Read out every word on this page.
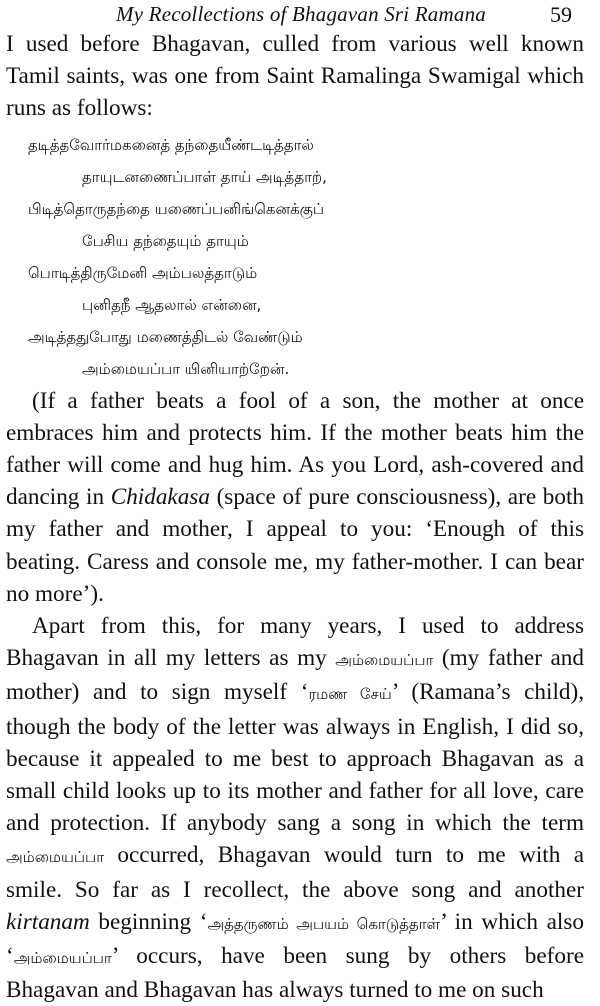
My Recollections of Bhagavan Sri Ramana	59

I used before Bhagavan, culled from various well known Tamil saints, was one from Saint Ramalinga Swamigal which runs as follows:

தடித்தவோர்மகனைத் தந்தையீண்டடித்தால்
தாயுடனணைப்பாள் தாய் அடித்தாற்,
பிடித்தொருதந்தை யணைப்பனிங்கெனக்குப்
பேசிய தந்தையும் தாயும்
பொடித்திருமேனி அம்பலத்தாடும்
புனிதநீ ஆதலால் என்னை,
அடித்ததுபோது மணைத்திடல் வேண்டும்
அம்மையப்பா யினியாற்றேன்.

(If a father beats a fool of a son, the mother at once embraces him and protects him. If the mother beats him the father will come and hug him. As you Lord, ash-covered and dancing in Chidakasa (space of pure consciousness), are both my father and mother, I appeal to you: ‘Enough of this beating. Caress and console me, my father-mother. I can bear no more’).

Apart from this, for many years, I used to address Bhagavan in all my letters as my அம்மையப்பா (my father and mother) and to sign myself ‘ரமண சேய்’ (Ramana’s child), though the body of the letter was always in English, I did so, because it appealed to me best to approach Bhagavan as a small child looks up to its mother and father for all love, care and protection. If anybody sang a song in which the term அம்மையப்பா occurred, Bhagavan would turn to me with a smile. So far as I recollect, the above song and another kirtanam beginning ‘அத்தருணம் அபயம் கொடுத்தாள்’ in which also ‘அம்மையப்பா’ occurs, have been sung by others before Bhagavan and Bhagavan has always turned to me on such
